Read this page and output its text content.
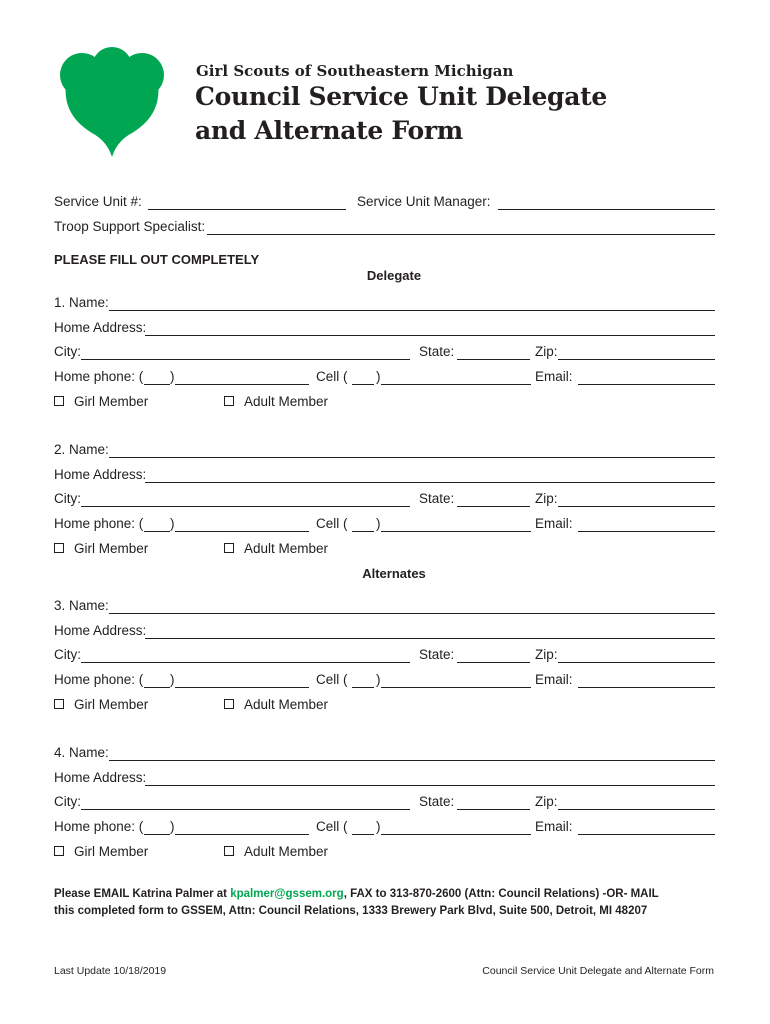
Girl Scouts of Southeastern Michigan
Council Service Unit Delegate
and Alternate Form
Service Unit #:	Service Unit Manager:
Troop Support Specialist:
PLEASE FILL OUT COMPLETELY
Delegate
1. Name:
Home Address:
City:	State:	Zip:
Home phone: ( )	Cell ( )	Email:
Girl Member	Adult Member
2. Name:
Home Address:
City:	State:	Zip:
Home phone: ( )	Cell ( )	Email:
Girl Member	Adult Member
Alternates
3. Name:
Home Address:
City:	State:	Zip:
Home phone: ( )	Cell ( )	Email:
Girl Member	Adult Member
4. Name:
Home Address:
City:	State:	Zip:
Home phone: ( )	Cell ( )	Email:
Girl Member	Adult Member
Please EMAIL Katrina Palmer at kpalmer@gssem.org, FAX to 313-870-2600 (Attn: Council Relations) -OR- MAIL
this completed form to GSSEM, Attn: Council Relations, 1333 Brewery Park Blvd, Suite 500, Detroit, MI 48207
Last Update 10/18/2019	Council Service Unit Delegate and Alternate Form
